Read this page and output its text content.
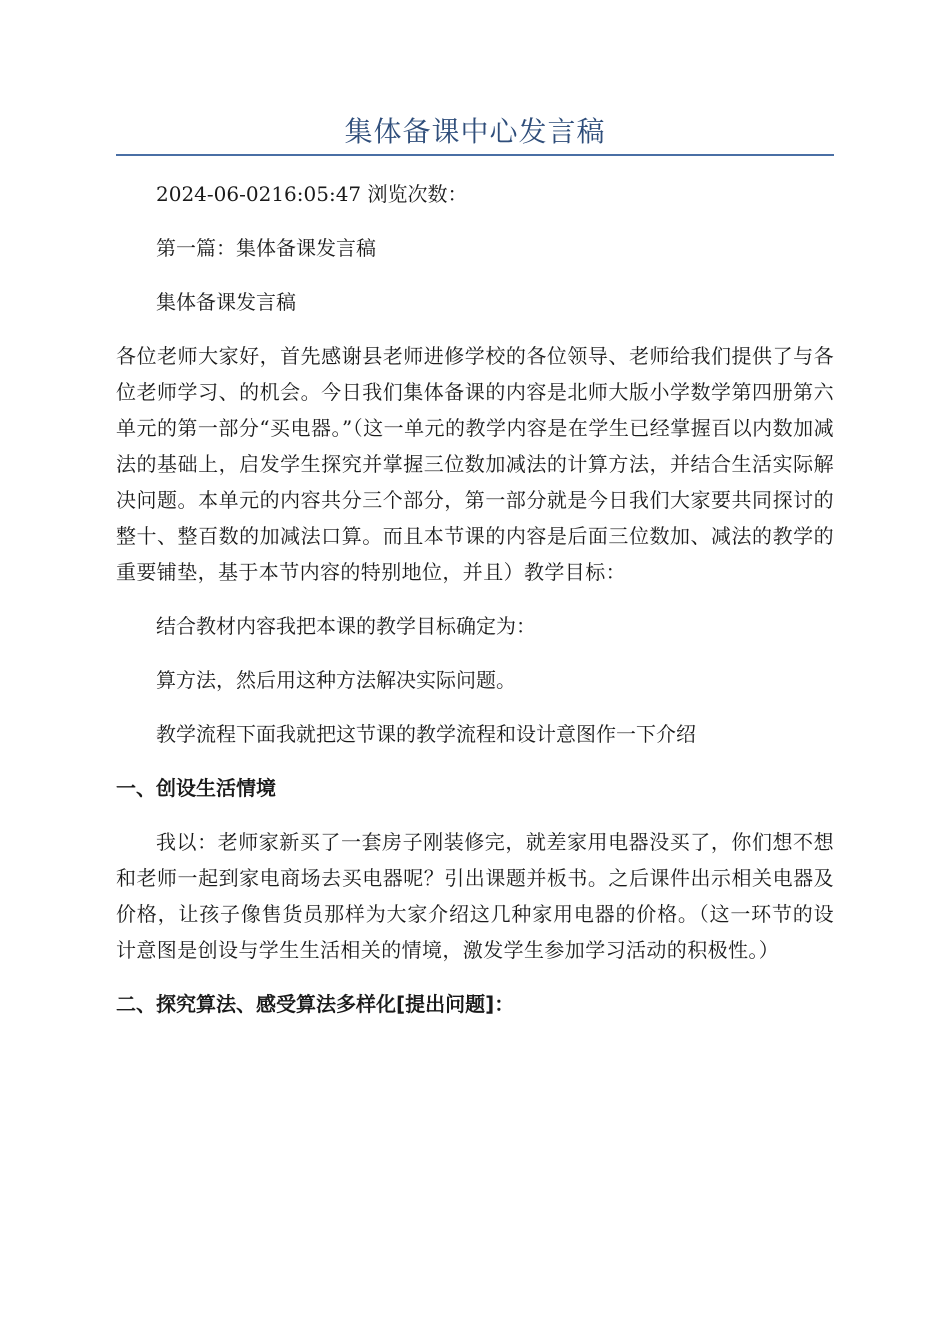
集体备课中心发言稿

2024-06-0216:05:47 浏览次数：

第一篇：集体备课发言稿

集体备课发言稿

各位老师大家好，首先感谢县老师进修学校的各位领导、老师给我们提供了与各位老师学习、的机会。今日我们集体备课的内容是北师大版小学数学第四册第六单元的第一部分“买电器。”（这一单元的教学内容是在学生已经掌握百以内数加减法的基础上，启发学生探究并掌握三位数加减法的计算方法，并结合生活实际解决问题。本单元的内容共分三个部分，第一部分就是今日我们大家要共同探讨的整十、整百数的加减法口算。而且本节课的内容是后面三位数加、减法的教学的重要铺垫，基于本节内容的特别地位，并且）教学目标：

结合教材内容我把本课的教学目标确定为：

算方法，然后用这种方法解决实际问题。

教学流程下面我就把这节课的教学流程和设计意图作一下介绍

一、创设生活情境

我以：老师家新买了一套房子刚装修完，就差家用电器没买了，你们想不想和老师一起到家电商场去买电器呢？引出课题并板书。之后课件出示相关电器及价格，让孩子像售货员那样为大家介绍这几种家用电器的价格。（这一环节的设计意图是创设与学生生活相关的情境，激发学生参加学习活动的积极性。）

二、探究算法、感受算法多样化[提出问题]：
